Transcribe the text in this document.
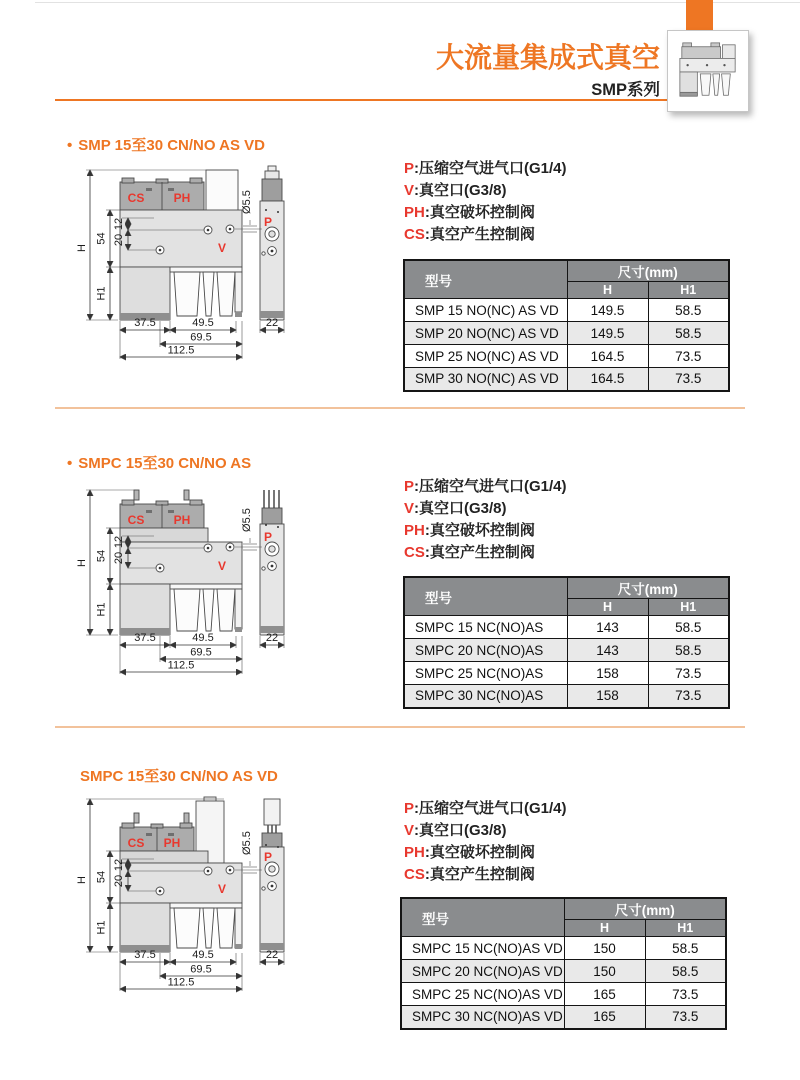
大流量集成式真空
SMP系列
• SMP 15至30 CN/NO AS VD
CS PH
V
P
H
54
H1
12
20
Ø5.5
37.5	49.5
69.5
112.5
22
P:压缩空气进气口(G1/4)
V:真空口(G3/8)
PH:真空破坏控制阀
CS:真空产生控制阀
型号	尺寸(mm)	
	H	H1
SMP 15 NO(NC) AS VD	149.5	58.5
SMP 20 NO(NC) AS VD	149.5	58.5
SMP 25 NO(NC) AS VD	164.5	73.5
SMP 30 NO(NC) AS VD	164.5	73.5
• SMPC 15至30 CN/NO AS
CS PH
V
P
H
54
H1
12
20
Ø5.5
37.5	49.5
69.5
112.5
22
P:压缩空气进气口(G1/4)
V:真空口(G3/8)
PH:真空破坏控制阀
CS:真空产生控制阀
型号	尺寸(mm)	
	H	H1
SMPC 15 NC(NO)AS	143	58.5
SMPC 20 NC(NO)AS	143	58.5
SMPC 25 NC(NO)AS	158	73.5
SMPC 30 NC(NO)AS	158	73.5
SMPC 15至30 CN/NO AS VD
CS PH
V
P
H 54
H1
12
20
Ø5.5
37.5	49.5
69.5
112.5
22
P:压缩空气进气口(G1/4)
V:真空口(G3/8)
PH:真空破坏控制阀
CS:真空产生控制阀
型号	尺寸(mm)	
	H	H1
SMPC 15 NC(NO)AS VD	150	58.5
SMPC 20 NC(NO)AS VD	150	58.5
SMPC 25 NC(NO)AS VD	165	73.5
SMPC 30 NC(NO)AS VD	165	73.5
